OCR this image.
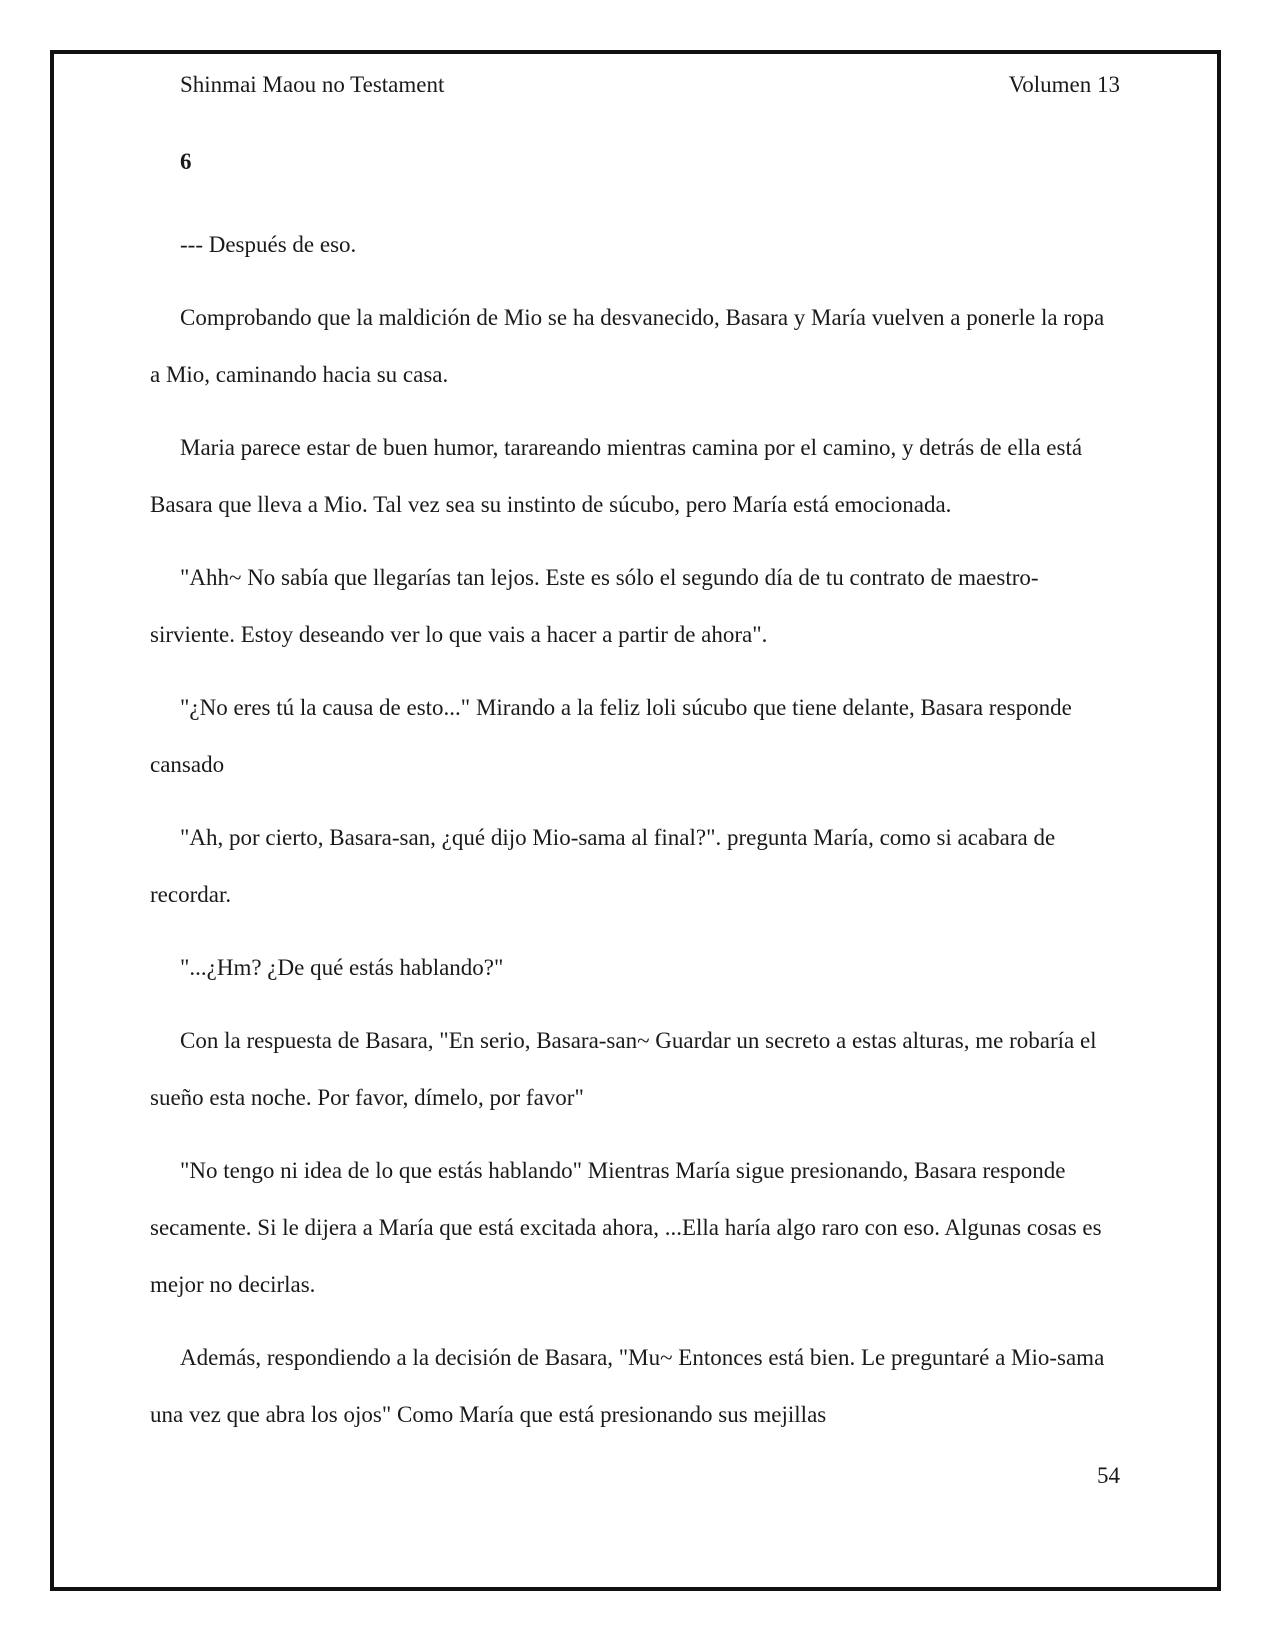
Shinmai Maou no Testament	Volumen 13
6

--- Después de eso.

Comprobando que la maldición de Mio se ha desvanecido, Basara y María vuelven a ponerle la ropa a Mio, caminando hacia su casa.

Maria parece estar de buen humor, tarareando mientras camina por el camino, y detrás de ella está Basara que lleva a Mio. Tal vez sea su instinto de súcubo, pero María está emocionada.

"Ahh~ No sabía que llegarías tan lejos. Este es sólo el segundo día de tu contrato de maestro-sirviente. Estoy deseando ver lo que vais a hacer a partir de ahora".

"¿No eres tú la causa de esto..." Mirando a la feliz loli súcubo que tiene delante, Basara responde cansado

"Ah, por cierto, Basara-san, ¿qué dijo Mio-sama al final?". pregunta María, como si acabara de recordar.

"...¿Hm? ¿De qué estás hablando?"

Con la respuesta de Basara, "En serio, Basara-san~ Guardar un secreto a estas alturas, me robaría el sueño esta noche. Por favor, dímelo, por favor"

"No tengo ni idea de lo que estás hablando" Mientras María sigue presionando, Basara responde secamente. Si le dijera a María que está excitada ahora, ...Ella haría algo raro con eso. Algunas cosas es mejor no decirlas.

Además, respondiendo a la decisión de Basara, "Mu~ Entonces está bien. Le preguntaré a Mio-sama una vez que abra los ojos" Como María que está presionando sus mejillas

54
